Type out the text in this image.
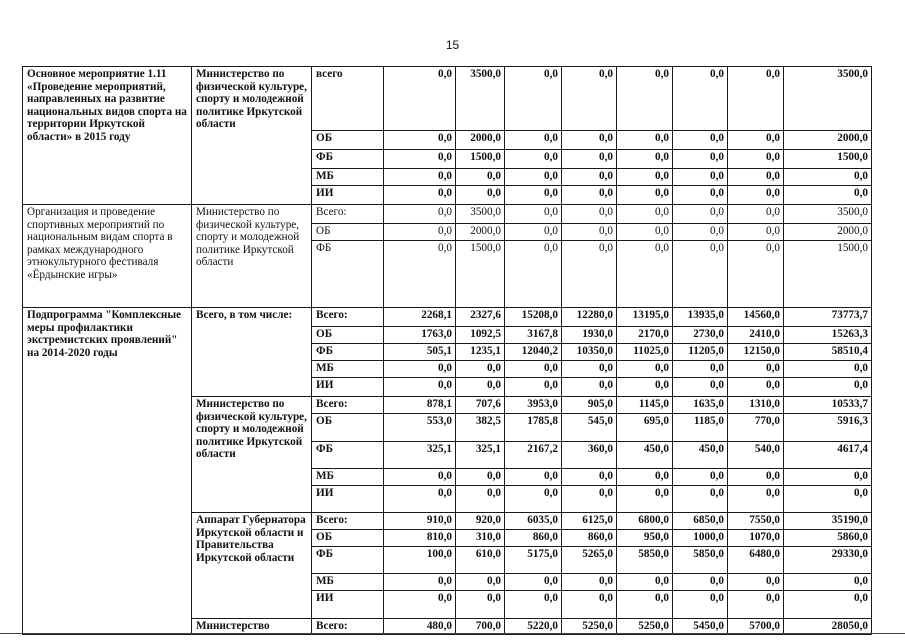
15
Основное мероприятие 1.11 «Проведение мероприятий, направленных на развитие национальных видов спорта на территории Иркутской области» в 2015 году	Министерство по физической культуре, спорту и молодежной политике Иркутской области	всего	0,0	3500,0	0,0	0,0	0,0	0,0	0,0	3500,0
		ОБ	0,0	2000,0	0,0	0,0	0,0	0,0	0,0	2000,0
		ФБ	0,0	1500,0	0,0	0,0	0,0	0,0	0,0	1500,0
		МБ	0,0	0,0	0,0	0,0	0,0	0,0	0,0	0,0
		ИИ	0,0	0,0	0,0	0,0	0,0	0,0	0,0	0,0
Организация и проведение спортивных мероприятий по национальным видам спорта в рамках международного этнокультурного фестиваля «Ёрдынские игры»	Министерство по физической культуре, спорту и молодежной политике Иркутской области	Всего:	0,0	3500,0	0,0	0,0	0,0	0,0	0,0	3500,0
		ОБ	0,0	2000,0	0,0	0,0	0,0	0,0	0,0	2000,0
		ФБ	0,0	1500,0	0,0	0,0	0,0	0,0	0,0	1500,0
Подпрограмма "Комплексные меры профилактики экстремистских проявлений" на 2014-2020 годы	Всего, в том числе:	Всего:	2268,1	2327,6	15208,0	12280,0	13195,0	13935,0	14560,0	73773,7
		ОБ	1763,0	1092,5	3167,8	1930,0	2170,0	2730,0	2410,0	15263,3
		ФБ	505,1	1235,1	12040,2	10350,0	11025,0	11205,0	12150,0	58510,4
		МБ	0,0	0,0	0,0	0,0	0,0	0,0	0,0	0,0
		ИИ	0,0	0,0	0,0	0,0	0,0	0,0	0,0	0,0
	Министерство по физической культуре, спорту и молодежной политике Иркутской области	Всего:	878,1	707,6	3953,0	905,0	1145,0	1635,0	1310,0	10533,7
		ОБ	553,0	382,5	1785,8	545,0	695,0	1185,0	770,0	5916,3
		ФБ	325,1	325,1	2167,2	360,0	450,0	450,0	540,0	4617,4
		МБ	0,0	0,0	0,0	0,0	0,0	0,0	0,0	0,0
		ИИ	0,0	0,0	0,0	0,0	0,0	0,0	0,0	0,0
	Аппарат Губернатора Иркутской области и Правительства Иркутской области	Всего:	910,0	920,0	6035,0	6125,0	6800,0	6850,0	7550,0	35190,0
		ОБ	810,0	310,0	860,0	860,0	950,0	1000,0	1070,0	5860,0
		ФБ	100,0	610,0	5175,0	5265,0	5850,0	5850,0	6480,0	29330,0
		МБ	0,0	0,0	0,0	0,0	0,0	0,0	0,0	0,0
		ИИ	0,0	0,0	0,0	0,0	0,0	0,0	0,0	0,0
	Министерство	Всего:	480,0	700,0	5220,0	5250,0	5250,0	5450,0	5700,0	28050,0
